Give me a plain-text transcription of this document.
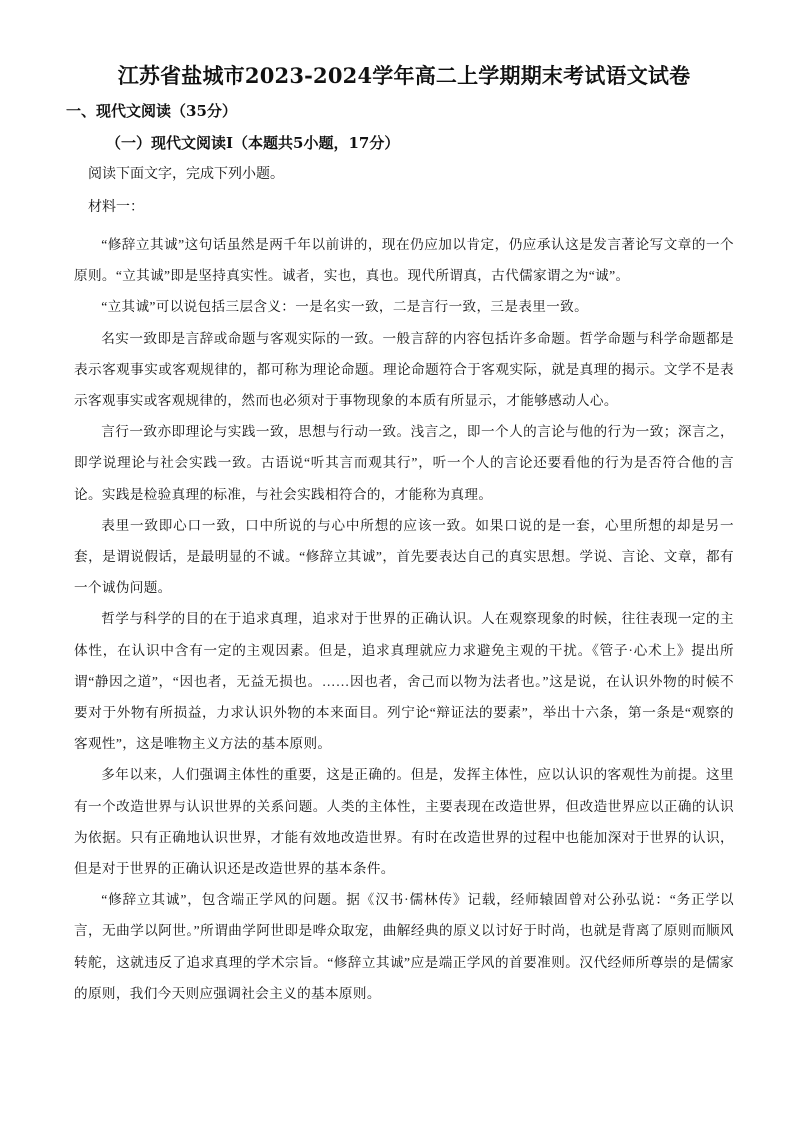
江苏省盐城市2023-2024学年高二上学期期末考试语文试卷
一、现代文阅读（35分）
（一）现代文阅读Ⅰ（本题共5小题，17分）
阅读下面文字，完成下列小题。
材料一：

“修辞立其诚”这句话虽然是两千年以前讲的，现在仍应加以肯定，仍应承认这是发言著论写文章的一个原则。“立其诚”即是坚持真实性。诚者，实也，真也。现代所谓真，古代儒家谓之为“诚”。

“立其诚”可以说包括三层含义：一是名实一致，二是言行一致，三是表里一致。

名实一致即是言辞或命题与客观实际的一致。一般言辞的内容包括许多命题。哲学命题与科学命题都是表示客观事实或客观规律的，都可称为理论命题。理论命题符合于客观实际，就是真理的揭示。文学不是表示客观事实或客观规律的，然而也必须对于事物现象的本质有所显示，才能够感动人心。

言行一致亦即理论与实践一致，思想与行动一致。浅言之，即一个人的言论与他的行为一致；深言之，即学说理论与社会实践一致。古语说“听其言而观其行”，听一个人的言论还要看他的行为是否符合他的言论。实践是检验真理的标准，与社会实践相符合的，才能称为真理。

表里一致即心口一致，口中所说的与心中所想的应该一致。如果口说的是一套，心里所想的却是另一套，是谓说假话，是最明显的不诚。“修辞立其诚”，首先要表达自己的真实思想。学说、言论、文章，都有一个诚伪问题。

哲学与科学的目的在于追求真理，追求对于世界的正确认识。人在观察现象的时候，往往表现一定的主体性，在认识中含有一定的主观因素。但是，追求真理就应力求避免主观的干扰。《管子·心术上》提出所谓“静因之道”，“因也者，无益无损也。……因也者，舍己而以物为法者也。”这是说，在认识外物的时候不要对于外物有所损益，力求认识外物的本来面目。列宁论“辩证法的要素”，举出十六条，第一条是“观察的客观性”，这是唯物主义方法的基本原则。

多年以来，人们强调主体性的重要，这是正确的。但是，发挥主体性，应以认识的客观性为前提。这里有一个改造世界与认识世界的关系问题。人类的主体性，主要表现在改造世界，但改造世界应以正确的认识为依据。只有正确地认识世界，才能有效地改造世界。有时在改造世界的过程中也能加深对于世界的认识，但是对于世界的正确认识还是改造世界的基本条件。

“修辞立其诚”，包含端正学风的问题。据《汉书·儒林传》记载，经师辕固曾对公孙弘说：“务正学以言，无曲学以阿世。”所谓曲学阿世即是哗众取宠，曲解经典的原义以讨好于时尚，也就是背离了原则而顺风转舵，这就违反了追求真理的学术宗旨。“修辞立其诚”应是端正学风的首要准则。汉代经师所尊崇的是儒家的原则，我们今天则应强调社会主义的基本原则。
